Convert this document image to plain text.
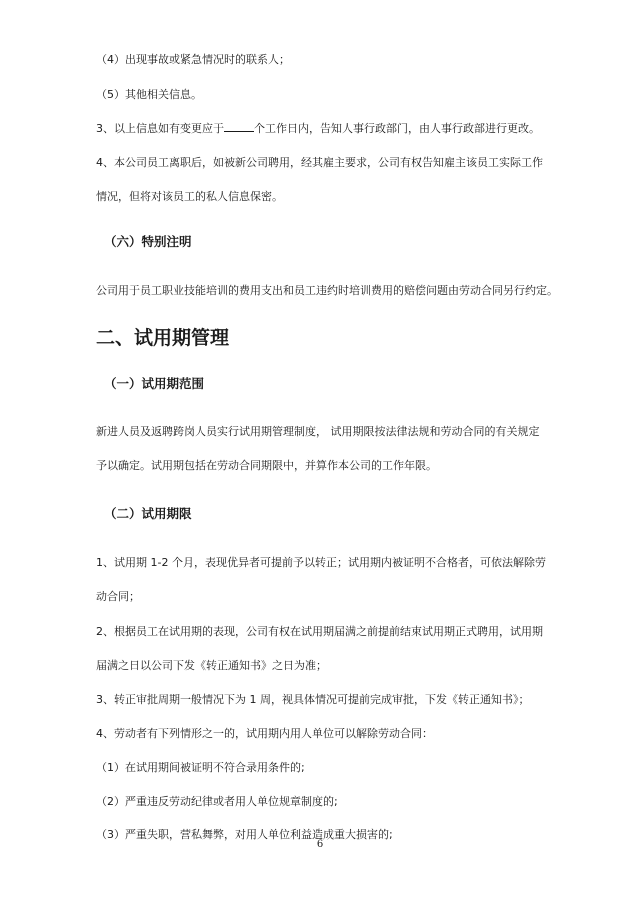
（4）出现事故或紧急情况时的联系人；

（5）其他相关信息。

3、以上信息如有变更应于	个工作日内，告知人事行政部门，由人事行政部进行更改。

4、本公司员工离职后，如被新公司聘用，经其雇主要求，公司有权告知雇主该员工实际工作情况，但将对该员工的私人信息保密。

（六）特别注明

公司用于员工职业技能培训的费用支出和员工违约时培训费用的赔偿问题由劳动合同另行约定。

二、试用期管理
（一）试用期范围

新进人员及返聘跨岗人员实行试用期管理制度， 试用期限按法律法规和劳动合同的有关规定予以确定。试用期包括在劳动合同期限中，并算作本公司的工作年限。

（二）试用期限

1、试用期 1-2 个月，表现优异者可提前予以转正；试用期内被证明不合格者，可依法解除劳动合同；

2、根据员工在试用期的表现，公司有权在试用期届满之前提前结束试用期正式聘用，试用期届满之日以公司下发《转正通知书》之日为准；

3、转正审批周期一般情况下为 1 周，视具体情况可提前完成审批，下发《转正通知书》；

4、劳动者有下列情形之一的，试用期内用人单位可以解除劳动合同：

（1）在试用期间被证明不符合录用条件的;

（2）严重违反劳动纪律或者用人单位规章制度的;

（3）严重失职，营私舞弊，对用人单位利益造成重大损害的;

6
